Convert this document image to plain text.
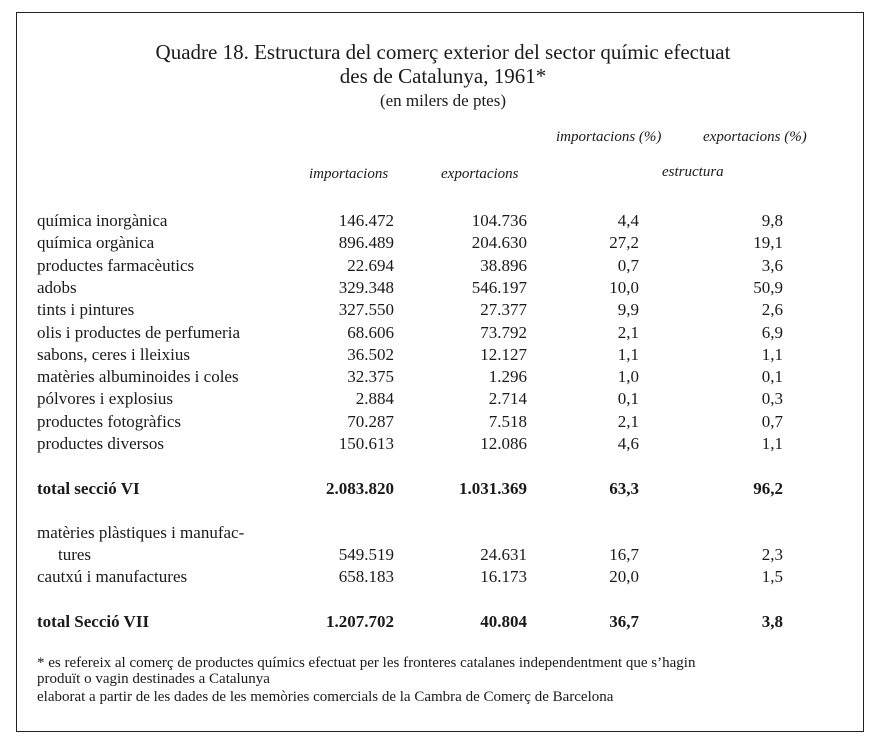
Quadre 18. Estructura del comerç exterior del sector químic efectuat
des de Catalunya, 1961*
(en milers de ptes)
importacions (%)	exportacions (%)
importacions	exportacions	estructura
química inorgànica	146.472	104.736	4,4	9,8
química orgànica	896.489	204.630	27,2	19,1
productes farmacèutics	22.694	38.896	0,7	3,6
adobs	329.348	546.197	10,0	50,9
tints i pintures	327.550	27.377	9,9	2,6
olis i productes de perfumeria	68.606	73.792	2,1	6,9
sabons, ceres i lleixius	36.502	12.127	1,1	1,1
matèries albuminoides i coles	32.375	1.296	1,0	0,1
pólvores i explosius	2.884	2.714	0,1	0,3
productes fotogràfics	70.287	7.518	2,1	0,7
productes diversos	150.613	12.086	4,6	1,1
total secció VI	2.083.820	1.031.369	63,3	96,2
matèries plàstiques i manufac-
tures	549.519	24.631	16,7	2,3
cautxú i manufactures	658.183	16.173	20,0	1,5
total Secció VII	1.207.702	40.804	36,7	3,8
* es refereix al comerç de productes químics efectuat per les fronteres catalanes independentment que s’hagin
produït o vagin destinades a Catalunya
elaborat a partir de les dades de les memòries comercials de la Cambra de Comerç de Barcelona
